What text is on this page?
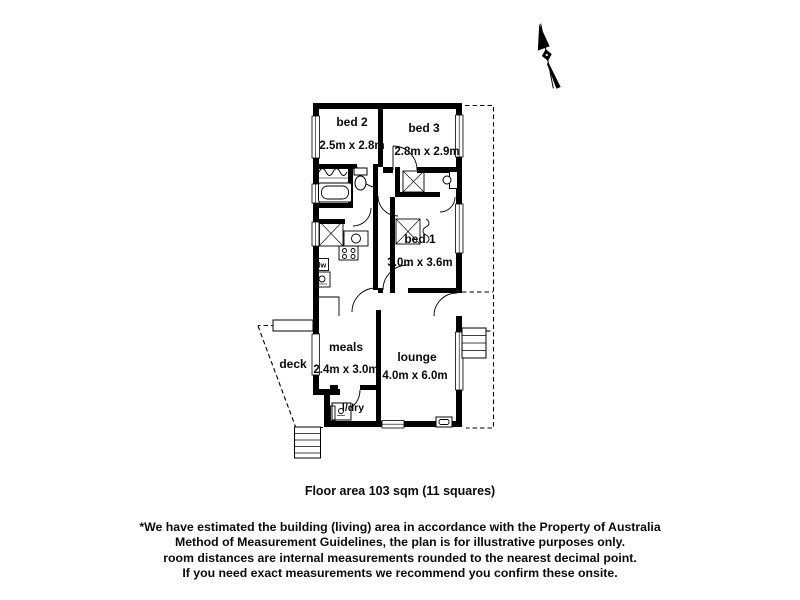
dw
bed 2
2.5m x 2.8m
bed 3
2.8m x 2.9m
bed 1
3.0m x 3.6m
meals
2.4m x 3.0m
lounge
4.0m x 6.0m
deck
l/dry
Floor area 103 sqm (11 squares)
*We have estimated the building (living) area in accordance with the Property of Australia
Method of Measurement Guidelines, the plan is for illustrative purposes only.
room distances are internal measurements rounded to the nearest decimal point.
If you need exact measurements we recommend you confirm these onsite.
